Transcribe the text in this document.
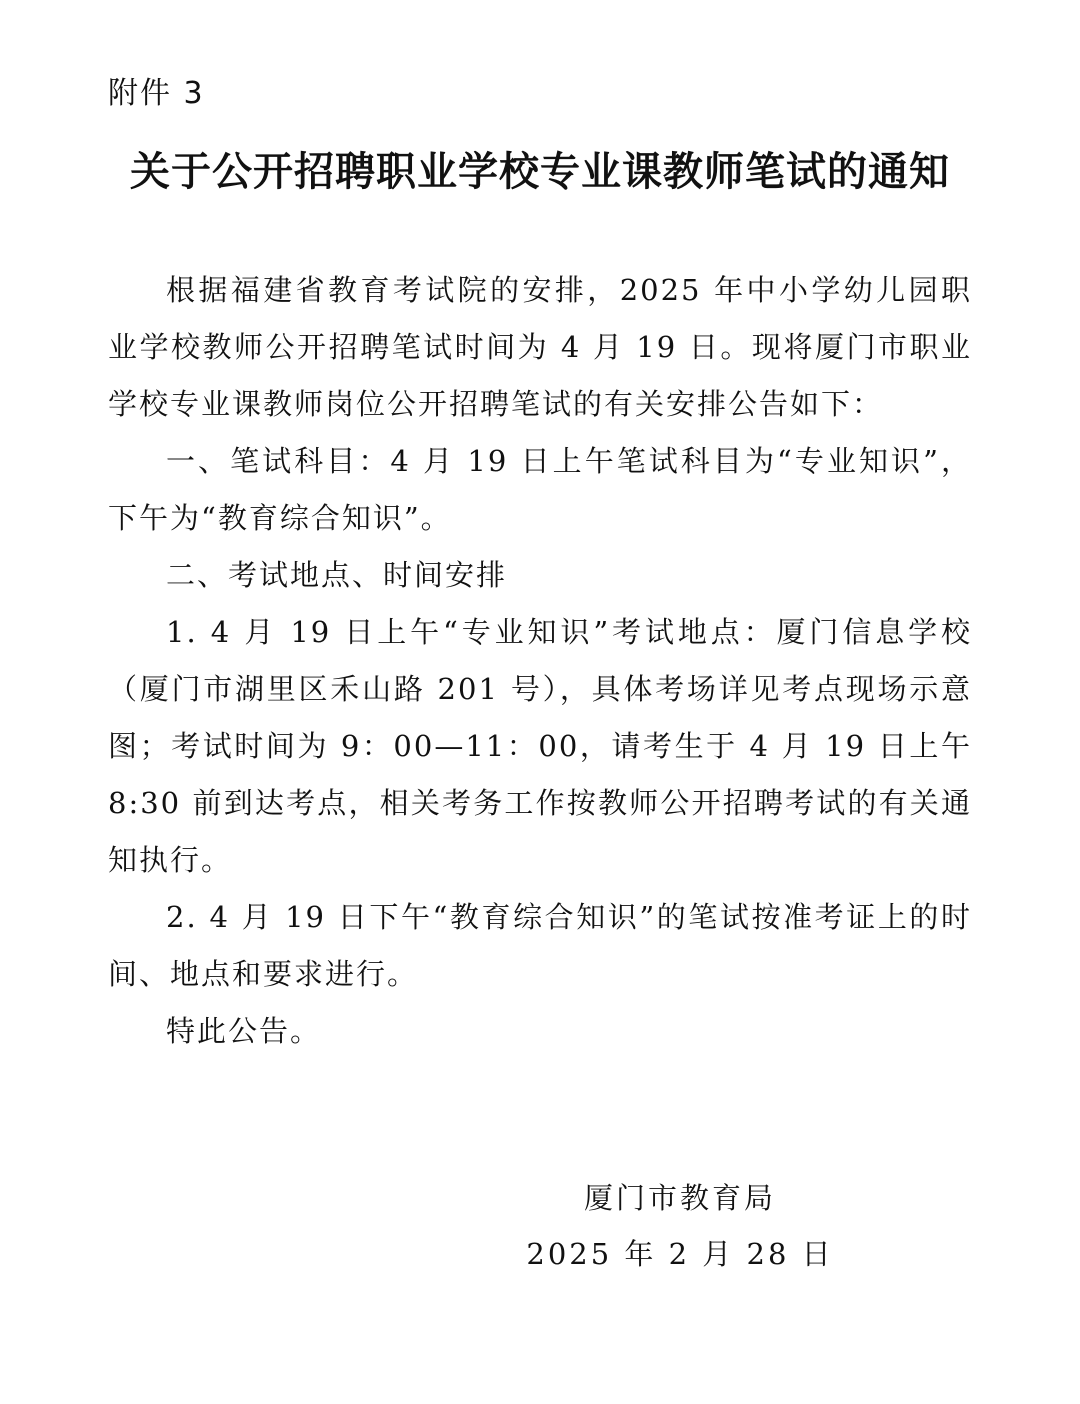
附件 3
关于公开招聘职业学校专业课教师笔试的通知

根据福建省教育考试院的安排，2025 年中小学幼儿园职业学校教师公开招聘笔试时间为 4 月 19 日。现将厦门市职业学校专业课教师岗位公开招聘笔试的有关安排公告如下：

一、笔试科目：4 月 19 日上午笔试科目为“专业知识”，下午为“教育综合知识”。

二、考试地点、时间安排

1. 4 月 19 日上午“专业知识”考试地点：厦门信息学校（厦门市湖里区禾山路 201 号），具体考场详见考点现场示意图；考试时间为 9：00—11：00，请考生于 4 月 19 日上午 8:30 前到达考点，相关考务工作按教师公开招聘考试的有关通知执行。

2. 4 月 19 日下午“教育综合知识”的笔试按准考证上的时间、地点和要求进行。

特此公告。

厦门市教育局
2025 年 2 月 28 日
